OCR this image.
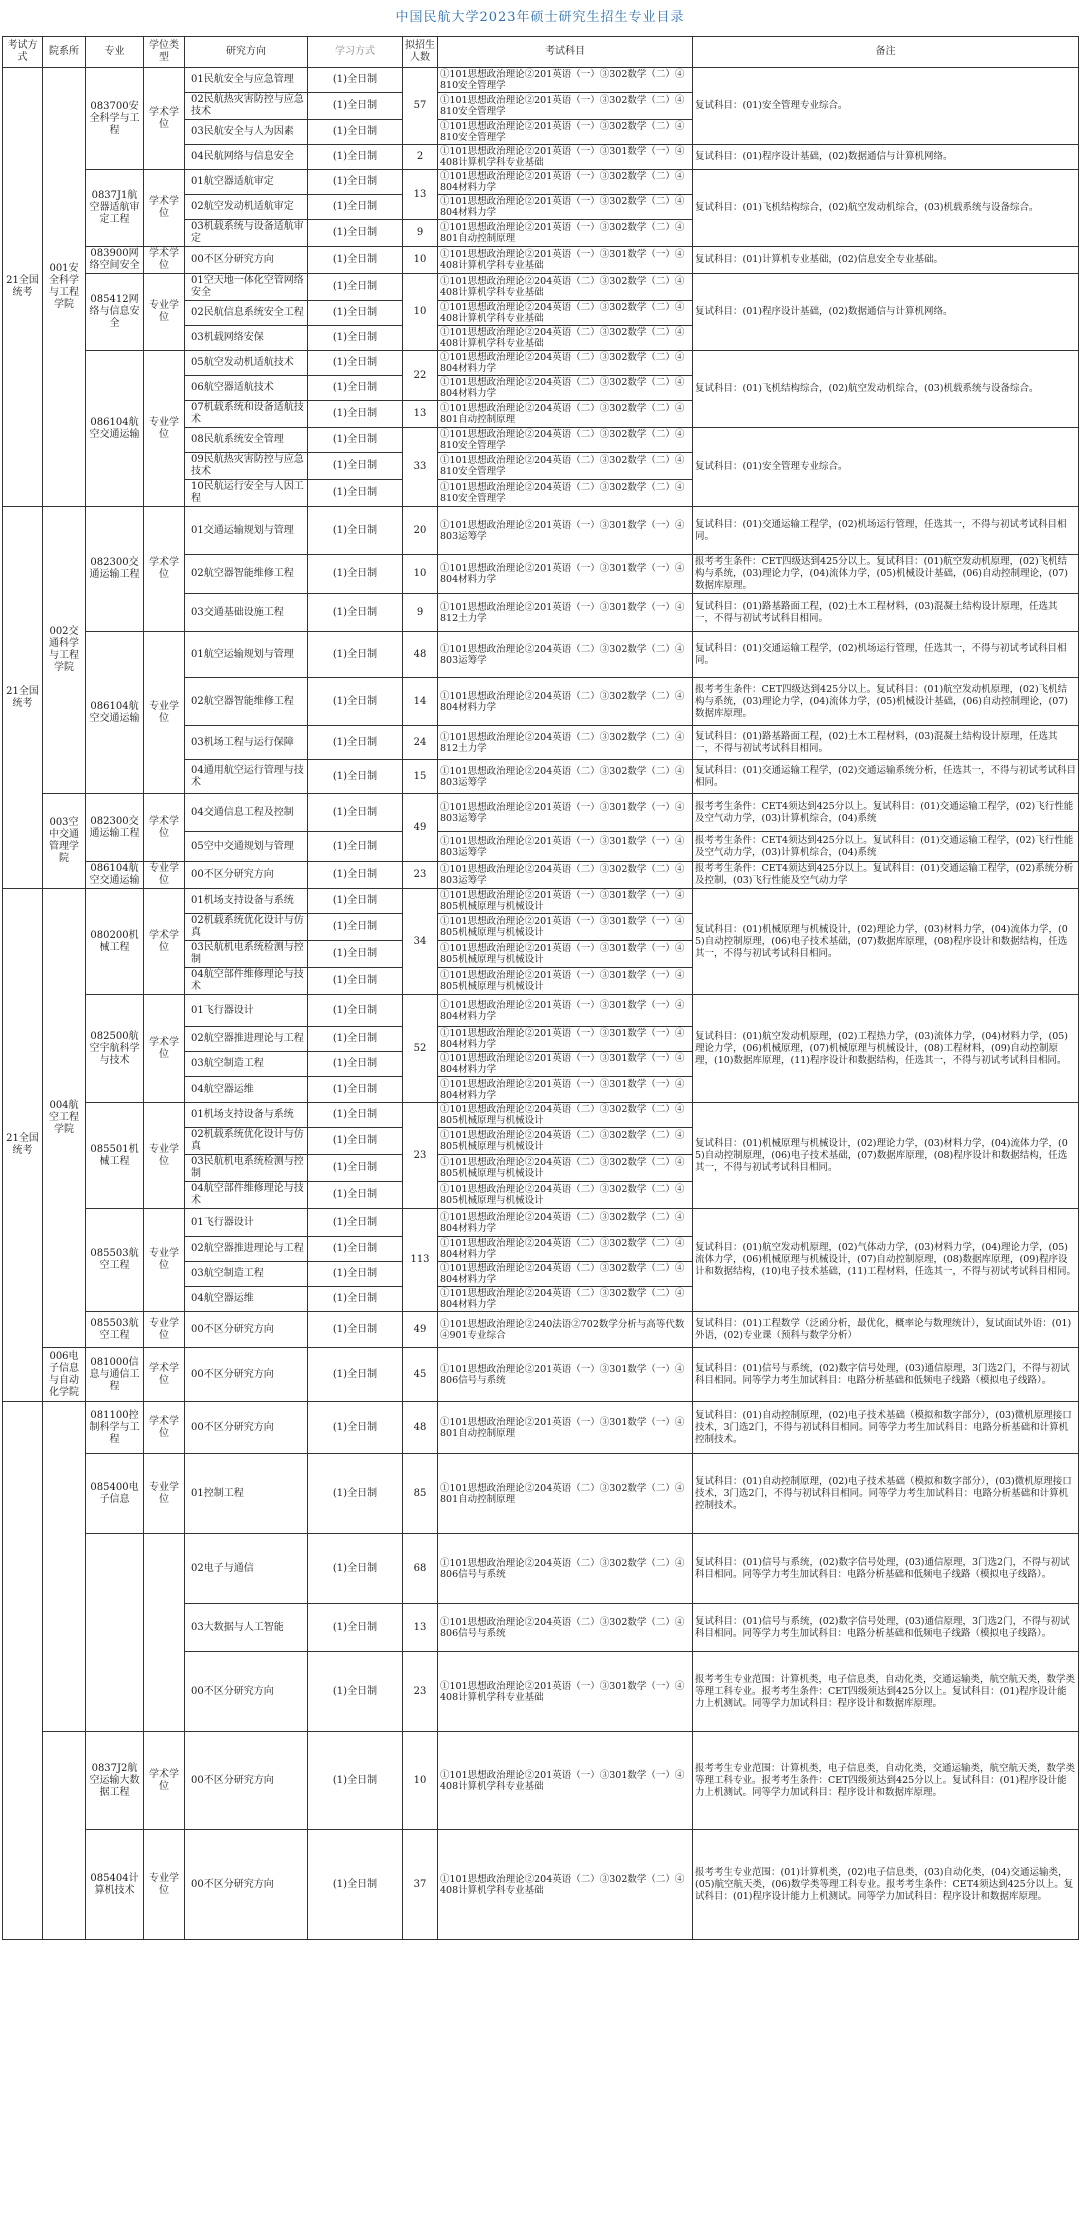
中国民航大学2023年硕士研究生招生专业目录
考试方式	院系所	专业	学位类型	研究方向	学习方式	拟招生人数	考试科目	备注
21全国统考	001安全科学与工程学院	083700安全科学与工程	学术学位	01民航安全与应急管理	(1)全日制	57	①101思想政治理论②201英语（一）③302数学（二）④810安全管理学	复试科目：(01)安全管理专业综合。
				02民航热灾害防控与应急技术	(1)全日制		①101思想政治理论②201英语（一）③302数学（二）④810安全管理学	
				03民航安全与人为因素	(1)全日制		①101思想政治理论②201英语（一）③302数学（二）④810安全管理学	
				04民航网络与信息安全	(1)全日制	2	①101思想政治理论②201英语（一）③301数学（一）④408计算机学科专业基础	复试科目：(01)程序设计基础，(02)数据通信与计算机网络。
		0837J1航空器适航审定工程	学术学位	01航空器适航审定	(1)全日制	13	①101思想政治理论②201英语（一）③302数学（二）④804材料力学	复试科目：(01)飞机结构综合，(02)航空发动机综合，(03)机载系统与设备综合。
				02航空发动机适航审定	(1)全日制		①101思想政治理论②201英语（一）③302数学（二）④804材料力学	
				03机载系统与设备适航审定	(1)全日制	9	①101思想政治理论②201英语（一）③302数学（二）④801自动控制原理	
		083900网络空间安全	学术学位	00不区分研究方向	(1)全日制	10	①101思想政治理论②201英语（一）③301数学（一）④408计算机学科专业基础	复试科目：(01)计算机专业基础，(02)信息安全专业基础。
		085412网络与信息安全	专业学位	01空天地一体化空管网络安全	(1)全日制	10	①101思想政治理论②204英语（二）③302数学（二）④408计算机学科专业基础	复试科目：(01)程序设计基础，(02)数据通信与计算机网络。
				02民航信息系统安全工程	(1)全日制		①101思想政治理论②204英语（二）③302数学（二）④408计算机学科专业基础	
				03机载网络安保	(1)全日制		①101思想政治理论②204英语（二）③302数学（二）④408计算机学科专业基础	
		086104航空交通运输	专业学位	05航空发动机适航技术	(1)全日制	22	①101思想政治理论②204英语（二）③302数学（二）④804材料力学	复试科目：(01)飞机结构综合，(02)航空发动机综合，(03)机载系统与设备综合。
				06航空器适航技术	(1)全日制		①101思想政治理论②204英语（二）③302数学（二）④804材料力学	
				07机载系统和设备适航技术	(1)全日制	13	①101思想政治理论②204英语（二）③302数学（二）④801自动控制原理	
				08民航系统安全管理	(1)全日制	33	①101思想政治理论②204英语（二）③302数学（二）④810安全管理学	复试科目：(01)安全管理专业综合。
				09民航热灾害防控与应急技术	(1)全日制		①101思想政治理论②204英语（二）③302数学（二）④810安全管理学	
				10民航运行安全与人因工程	(1)全日制		①101思想政治理论②204英语（二）③302数学（二）④810安全管理学	
21全国统考	002交通科学与工程学院	082300交通运输工程	学术学位	01交通运输规划与管理	(1)全日制	20	①101思想政治理论②201英语（一）③301数学（一）④803运筹学	复试科目：(01)交通运输工程学，(02)机场运行管理，任选其一，不得与初试考试科目相同。
				02航空器智能维修工程	(1)全日制	10	①101思想政治理论②201英语（一）③301数学（一）④804材料力学	报考考生条件：CET四级达到425分以上。复试科目：(01)航空发动机原理，(02)飞机结构与系统，(03)理论力学，(04)流体力学，(05)机械设计基础，(06)自动控制理论，(07)数据库原理。
				03交通基础设施工程	(1)全日制	9	①101思想政治理论②201英语（一）③301数学（一）④812土力学	复试科目：(01)路基路面工程，(02)土木工程材料，(03)混凝土结构设计原理，任选其一，不得与初试考试科目相同。
		086104航空交通运输	专业学位	01航空运输规划与管理	(1)全日制	48	①101思想政治理论②204英语（二）③302数学（二）④803运筹学	复试科目：(01)交通运输工程学，(02)机场运行管理，任选其一，不得与初试考试科目相同。
				02航空器智能维修工程	(1)全日制	14	①101思想政治理论②204英语（二）③302数学（二）④804材料力学	报考考生条件：CET四级达到425分以上。复试科目：(01)航空发动机原理，(02)飞机结构与系统，(03)理论力学，(04)流体力学，(05)机械设计基础，(06)自动控制理论，(07)数据库原理。
				03机场工程与运行保障	(1)全日制	24	①101思想政治理论②204英语（二）③302数学（二）④812土力学	复试科目：(01)路基路面工程，(02)土木工程材料，(03)混凝土结构设计原理，任选其一，不得与初试考试科目相同。
				04通用航空运行管理与技术	(1)全日制	15	①101思想政治理论②204英语（二）③302数学（二）④803运筹学	复试科目：(01)交通运输工程学，(02)交通运输系统分析，任选其一，不得与初试考试科目相同。
	003空中交通管理学院	082300交通运输工程	学术学位	04交通信息工程及控制	(1)全日制	49	①101思想政治理论②201英语（一）③301数学（一）④803运筹学	报考考生条件：CET4须达到425分以上。复试科目：(01)交通运输工程学，(02)飞行性能及空气动力学，(03)计算机综合，(04)系统
				05空中交通规划与管理	(1)全日制		①101思想政治理论②201英语（一）③301数学（一）④803运筹学	报考考生条件：CET4须达到425分以上。复试科目：(01)交通运输工程学，(02)飞行性能及空气动力学，(03)计算机综合，(04)系统
		086104航空交通运输	专业学位	00不区分研究方向	(1)全日制	23	①101思想政治理论②204英语（二）③302数学（二）④803运筹学	报考考生条件：CET4须达到425分以上。复试科目：(01)交通运输工程学，(02)系统分析及控制，(03)飞行性能及空气动力学
21全国统考	004航空工程学院	080200机械工程	学术学位	01机场支持设备与系统	(1)全日制	34	①101思想政治理论②201英语（一）③301数学（一）④805机械原理与机械设计	复试科目：(01)机械原理与机械设计，(02)理论力学，(03)材料力学，(04)流体力学，(05)自动控制原理，(06)电子技术基础，(07)数据库原理，(08)程序设计和数据结构，任选其一，不得与初试考试科目相同。
				02机载系统优化设计与仿真	(1)全日制		①101思想政治理论②201英语（一）③301数学（一）④805机械原理与机械设计	
				03民航机电系统检测与控制	(1)全日制		①101思想政治理论②201英语（一）③301数学（一）④805机械原理与机械设计	
				04航空部件维修理论与技术	(1)全日制		①101思想政治理论②201英语（一）③301数学（一）④805机械原理与机械设计	
		082500航空宇航科学与技术	学术学位	01飞行器设计	(1)全日制	52	①101思想政治理论②201英语（一）③301数学（一）④804材料力学	复试科目：(01)航空发动机原理，(02)工程热力学，(03)流体力学，(04)材料力学，(05)理论力学，(06)机械原理，(07)机械原理与机械设计，(08)工程材料，(09)自动控制原理，(10)数据库原理，(11)程序设计和数据结构，任选其一，不得与初试考试科目相同。
				02航空器推进理论与工程	(1)全日制		①101思想政治理论②201英语（一）③301数学（一）④804材料力学	
				03航空制造工程	(1)全日制		①101思想政治理论②201英语（一）③301数学（一）④804材料力学	
				04航空器运维	(1)全日制		①101思想政治理论②201英语（一）③301数学（一）④804材料力学	
		085501机械工程	专业学位	01机场支持设备与系统	(1)全日制	23	①101思想政治理论②204英语（二）③302数学（二）④805机械原理与机械设计	复试科目：(01)机械原理与机械设计，(02)理论力学，(03)材料力学，(04)流体力学，(05)自动控制原理，(06)电子技术基础，(07)数据库原理，(08)程序设计和数据结构，任选其一，不得与初试考试科目相同。
				02机载系统优化设计与仿真	(1)全日制		①101思想政治理论②204英语（二）③302数学（二）④805机械原理与机械设计	
				03民航机电系统检测与控制	(1)全日制		①101思想政治理论②204英语（二）③302数学（二）④805机械原理与机械设计	
				04航空部件维修理论与技术	(1)全日制		①101思想政治理论②204英语（二）③302数学（二）④805机械原理与机械设计	
		085503航空工程	专业学位	01飞行器设计	(1)全日制	113	①101思想政治理论②204英语（二）③302数学（二）④804材料力学	复试科目：(01)航空发动机原理，(02)气体动力学，(03)材料力学，(04)理论力学，(05)流体力学，(06)机械原理与机械设计，(07)自动控制原理，(08)数据库原理，(09)程序设计和数据结构，(10)电子技术基础，(11)工程材料，任选其一，不得与初试考试科目相同。
				02航空器推进理论与工程	(1)全日制		①101思想政治理论②204英语（二）③302数学（二）④804材料力学	
				03航空制造工程	(1)全日制		①101思想政治理论②204英语（二）③302数学（二）④804材料力学	
				04航空器运维	(1)全日制		①101思想政治理论②204英语（二）③302数学（二）④804材料力学	
		085503航空工程	专业学位	00不区分研究方向	(1)全日制	49	①101思想政治理论②240法语②702数学分析与高等代数④901专业综合	复试科目：(01)工程数学（泛函分析，最优化，概率论与数理统计），复试面试外语：(01)外语，(02)专业课（预科与数学分析）
	006电子信息与自动化学院	081000信息与通信工程	学术学位	00不区分研究方向	(1)全日制	45	①101思想政治理论②201英语（一）③301数学（一）④806信号与系统	复试科目：(01)信号与系统，(02)数字信号处理，(03)通信原理，3门选2门，不得与初试科目相同。同等学力考生加试科目：电路分析基础和低频电子线路（模拟电子线路）。
		081100控制科学与工程	学术学位	00不区分研究方向	(1)全日制	48	①101思想政治理论②201英语（一）③301数学（一）④801自动控制原理	复试科目：(01)自动控制原理，(02)电子技术基础（模拟和数字部分），(03)微机原理接口技术，3门选2门，不得与初试科目相同。同等学力考生加试科目：电路分析基础和计算机控制技术。
		085400电子信息	专业学位	01控制工程	(1)全日制	85	①101思想政治理论②204英语（二）③302数学（二）④801自动控制原理	复试科目：(01)自动控制原理，(02)电子技术基础（模拟和数字部分），(03)微机原理接口技术，3门选2门，不得与初试科目相同。同等学力考生加试科目：电路分析基础和计算机控制技术。
				02电子与通信	(1)全日制	68	①101思想政治理论②204英语（二）③302数学（二）④806信号与系统	复试科目：(01)信号与系统，(02)数字信号处理，(03)通信原理，3门选2门，不得与初试科目相同。同等学力考生加试科目：电路分析基础和低频电子线路（模拟电子线路）。
				03大数据与人工智能	(1)全日制	13	①101思想政治理论②204英语（二）③302数学（二）④806信号与系统	复试科目：(01)信号与系统，(02)数字信号处理，(03)通信原理，3门选2门，不得与初试科目相同。同等学力考生加试科目：电路分析基础和低频电子线路（模拟电子线路）。
				00不区分研究方向	(1)全日制	23	①101思想政治理论②201英语（一）③301数学（一）④408计算机学科专业基础	报考考生专业范围：计算机类，电子信息类，自动化类，交通运输类，航空航天类，数学类等理工科专业。报考考生条件：CET四级须达到425分以上。复试科目：(01)程序设计能力上机测试。同等学力加试科目：程序设计和数据库原理。
		0837J2航空运输大数据工程	学术学位	00不区分研究方向	(1)全日制	10	①101思想政治理论②201英语（一）③301数学（一）④408计算机学科专业基础	报考考生专业范围：计算机类，电子信息类，自动化类，交通运输类，航空航天类，数学类等理工科专业。报考考生条件：CET四级须达到425分以上。复试科目：(01)程序设计能力上机测试。同等学力加试科目：程序设计和数据库原理。
		085404计算机技术	专业学位	00不区分研究方向	(1)全日制	37	①101思想政治理论②204英语（二）③302数学（二）④408计算机学科专业基础	报考考生专业范围：(01)计算机类，(02)电子信息类，(03)自动化类，(04)交通运输类，(05)航空航天类，(06)数学类等理工科专业。报考考生条件：CET4须达到425分以上。复试科目：(01)程序设计能力上机测试。同等学力加试科目：程序设计和数据库原理。
